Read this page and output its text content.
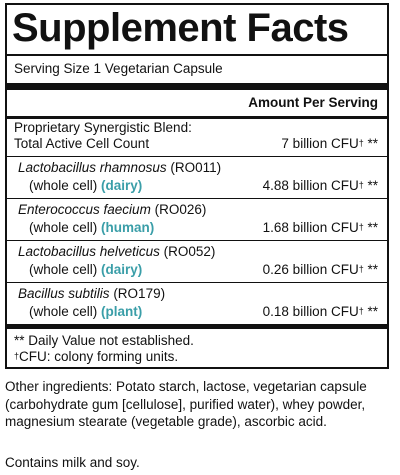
Supplement Facts
Serving Size 1 Vegetarian Capsule
Amount Per Serving
Proprietary Synergistic Blend:
Total Active Cell Count	7 billion CFU† **
Lactobacillus rhamnosus (RO011)
(whole cell) (dairy)	4.88 billion CFU† **
Enterococcus faecium (RO026)
(whole cell) (human)	1.68 billion CFU† **
Lactobacillus helveticus (RO052)
(whole cell) (dairy)	0.26 billion CFU† **
Bacillus subtilis (RO179)
(whole cell) (plant)	0.18 billion CFU† **
** Daily Value not established.
†CFU: colony forming units.
Other ingredients: Potato starch, lactose, vegetarian capsule
(carbohydrate gum [cellulose], purified water), whey powder,
magnesium stearate (vegetable grade), ascorbic acid.
Contains milk and soy.
